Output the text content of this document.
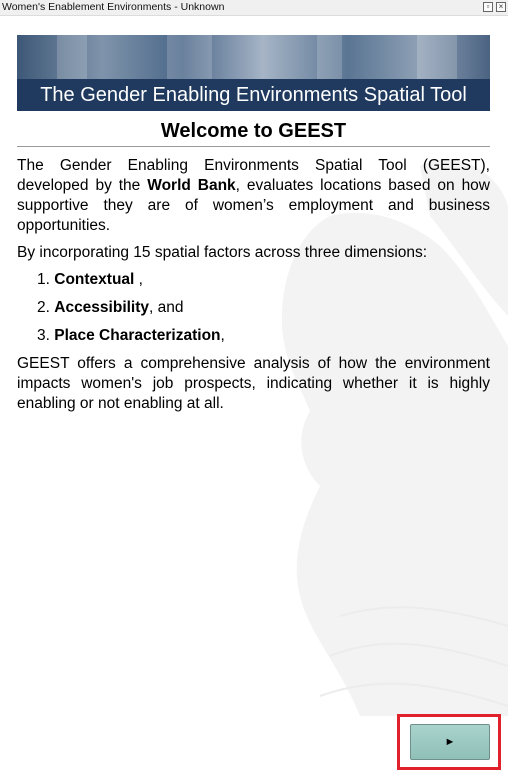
Women's Enablement Environments - Unknown	▫	×
The Gender Enabling Environments Spatial Tool
Welcome to GEEST

The Gender Enabling Environments Spatial Tool (GEEST), developed by the World Bank, evaluates locations based on how supportive they are of women’s employment and business opportunities.

By incorporating 15 spatial factors across three dimensions:

1. Contextual ,
2. Accessibility, and
3. Place Characterization,

GEEST offers a comprehensive analysis of how the environment impacts women's job prospects, indicating whether it is highly enabling or not enabling at all.

►
